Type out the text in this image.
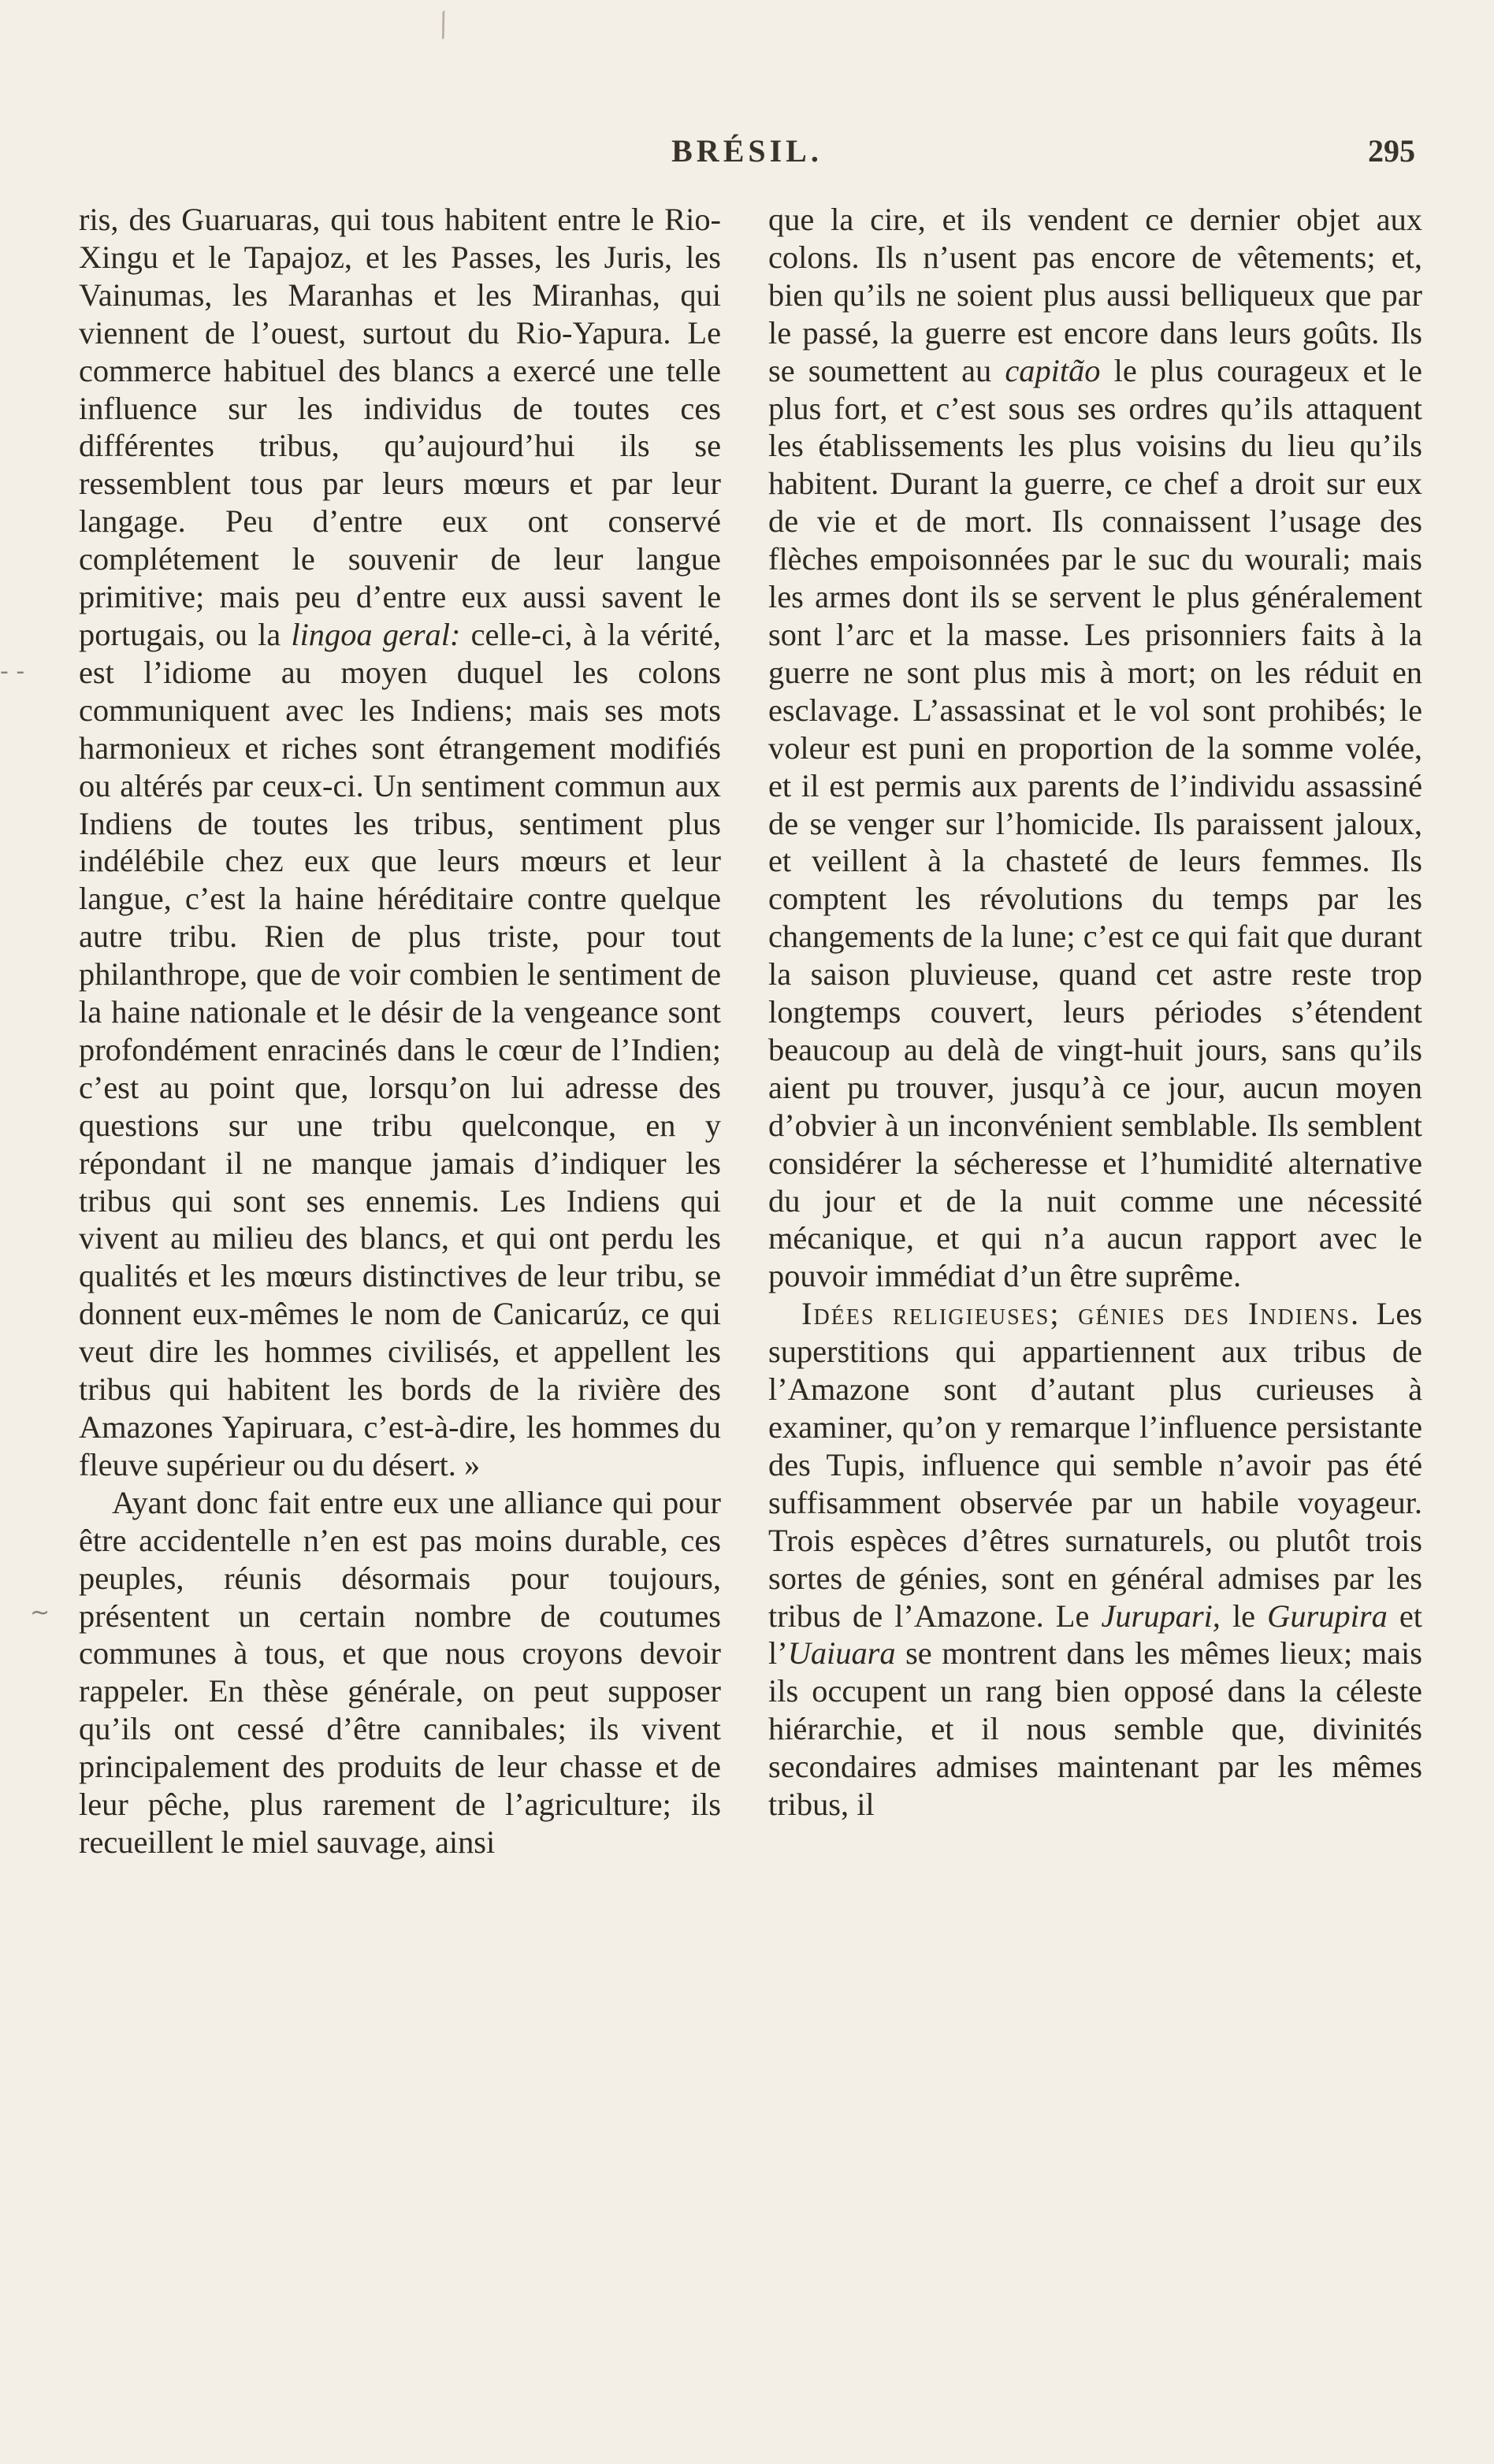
⁄
- -
~
BRÉSIL.	295

ris, des Guaruaras, qui tous habitent entre le Rio-Xingu et le Tapajoz, et les Passes, les Juris, les Vainumas, les Maranhas et les Miranhas, qui viennent de l’ouest, surtout du Rio-Yapura. Le commerce habituel des blancs a exercé une telle influence sur les individus de toutes ces différentes tribus, qu’aujourd’hui ils se ressemblent tous par leurs mœurs et par leur langage. Peu d’entre eux ont conservé complétement le souvenir de leur langue primitive; mais peu d’entre eux aussi savent le portugais, ou la lingoa geral: celle-ci, à la vérité, est l’idiome au moyen duquel les colons communiquent avec les Indiens; mais ses mots harmonieux et riches sont étrangement modifiés ou altérés par ceux-ci. Un sentiment commun aux Indiens de toutes les tribus, sentiment plus indélébile chez eux que leurs mœurs et leur langue, c’est la haine héréditaire contre quelque autre tribu. Rien de plus triste, pour tout philanthrope, que de voir combien le sentiment de la haine nationale et le désir de la vengeance sont profondément enracinés dans le cœur de l’Indien; c’est au point que, lorsqu’on lui adresse des questions sur une tribu quelconque, en y répondant il ne manque jamais d’indiquer les tribus qui sont ses ennemis. Les Indiens qui vivent au milieu des blancs, et qui ont perdu les qualités et les mœurs distinctives de leur tribu, se donnent eux-mêmes le nom de Canicarúz, ce qui veut dire les hommes civilisés, et appellent les tribus qui habitent les bords de la rivière des Amazones Yapiruara, c’est-à-dire, les hommes du fleuve supérieur ou du désert. »

Ayant donc fait entre eux une alliance qui pour être accidentelle n’en est pas moins durable, ces peuples, réunis désormais pour toujours, présentent un certain nombre de coutumes communes à tous, et que nous croyons devoir rappeler. En thèse générale, on peut supposer qu’ils ont cessé d’être cannibales; ils vivent principalement des produits de leur chasse et de leur pêche, plus rarement de l’agriculture; ils recueillent le miel sauvage, ainsi

que la cire, et ils vendent ce dernier objet aux colons. Ils n’usent pas encore de vêtements; et, bien qu’ils ne soient plus aussi belliqueux que par le passé, la guerre est encore dans leurs goûts. Ils se soumettent au capitão le plus courageux et le plus fort, et c’est sous ses ordres qu’ils attaquent les établissements les plus voisins du lieu qu’ils habitent. Durant la guerre, ce chef a droit sur eux de vie et de mort. Ils connaissent l’usage des flèches empoisonnées par le suc du wourali; mais les armes dont ils se servent le plus généralement sont l’arc et la masse. Les prisonniers faits à la guerre ne sont plus mis à mort; on les réduit en esclavage. L’assassinat et le vol sont prohibés; le voleur est puni en proportion de la somme volée, et il est permis aux parents de l’individu assassiné de se venger sur l’homicide. Ils paraissent jaloux, et veillent à la chasteté de leurs femmes. Ils comptent les révolutions du temps par les changements de la lune; c’est ce qui fait que durant la saison pluvieuse, quand cet astre reste trop longtemps couvert, leurs périodes s’étendent beaucoup au delà de vingt-huit jours, sans qu’ils aient pu trouver, jusqu’à ce jour, aucun moyen d’obvier à un inconvénient semblable. Ils semblent considérer la sécheresse et l’humidité alternative du jour et de la nuit comme une nécessité mécanique, et qui n’a aucun rapport avec le pouvoir immédiat d’un être suprême.

Idées religieuses; génies des Indiens. Les superstitions qui appartiennent aux tribus de l’Amazone sont d’autant plus curieuses à examiner, qu’on y remarque l’influence persistante des Tupis, influence qui semble n’avoir pas été suffisamment observée par un habile voyageur. Trois espèces d’êtres surnaturels, ou plutôt trois sortes de génies, sont en général admises par les tribus de l’Amazone. Le Jurupari, le Gurupira et l’Uaiuara se montrent dans les mêmes lieux; mais ils occupent un rang bien opposé dans la céleste hiérarchie, et il nous semble que, divinités secondaires admises maintenant par les mêmes tribus, il
